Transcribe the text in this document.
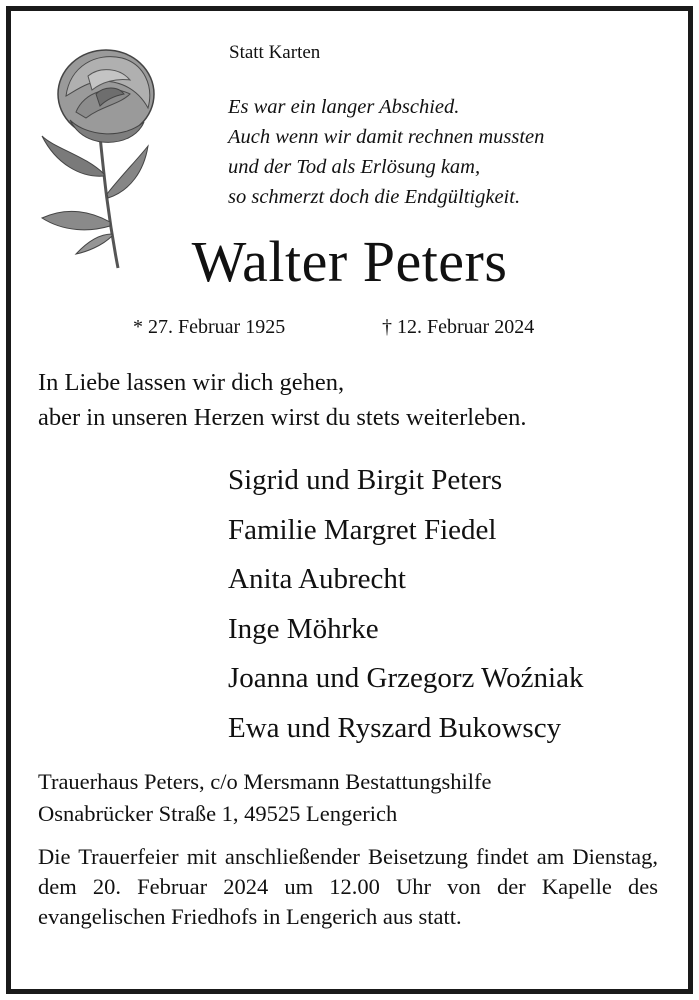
Statt Karten
Es war ein langer Abschied.
Auch wenn wir damit rechnen mussten
und der Tod als Erlösung kam,
so schmerzt doch die Endgültigkeit.
Walter Peters
* 27. Februar 1925	† 12. Februar 2024
In Liebe lassen wir dich gehen,
aber in unseren Herzen wirst du stets weiterleben.
Sigrid und Birgit Peters
Familie Margret Fiedel
Anita Aubrecht
Inge Möhrke
Joanna und Grzegorz Woźniak
Ewa und Ryszard Bukowscy
Trauerhaus Peters, c/o Mersmann Bestattungshilfe
Osnabrücker Straße 1, 49525 Lengerich
Die Trauerfeier mit anschließender Beisetzung findet am Dienstag, dem 20. Februar 2024 um 12.00 Uhr von der Kapelle des evangelischen Friedhofs in Lengerich aus statt.
